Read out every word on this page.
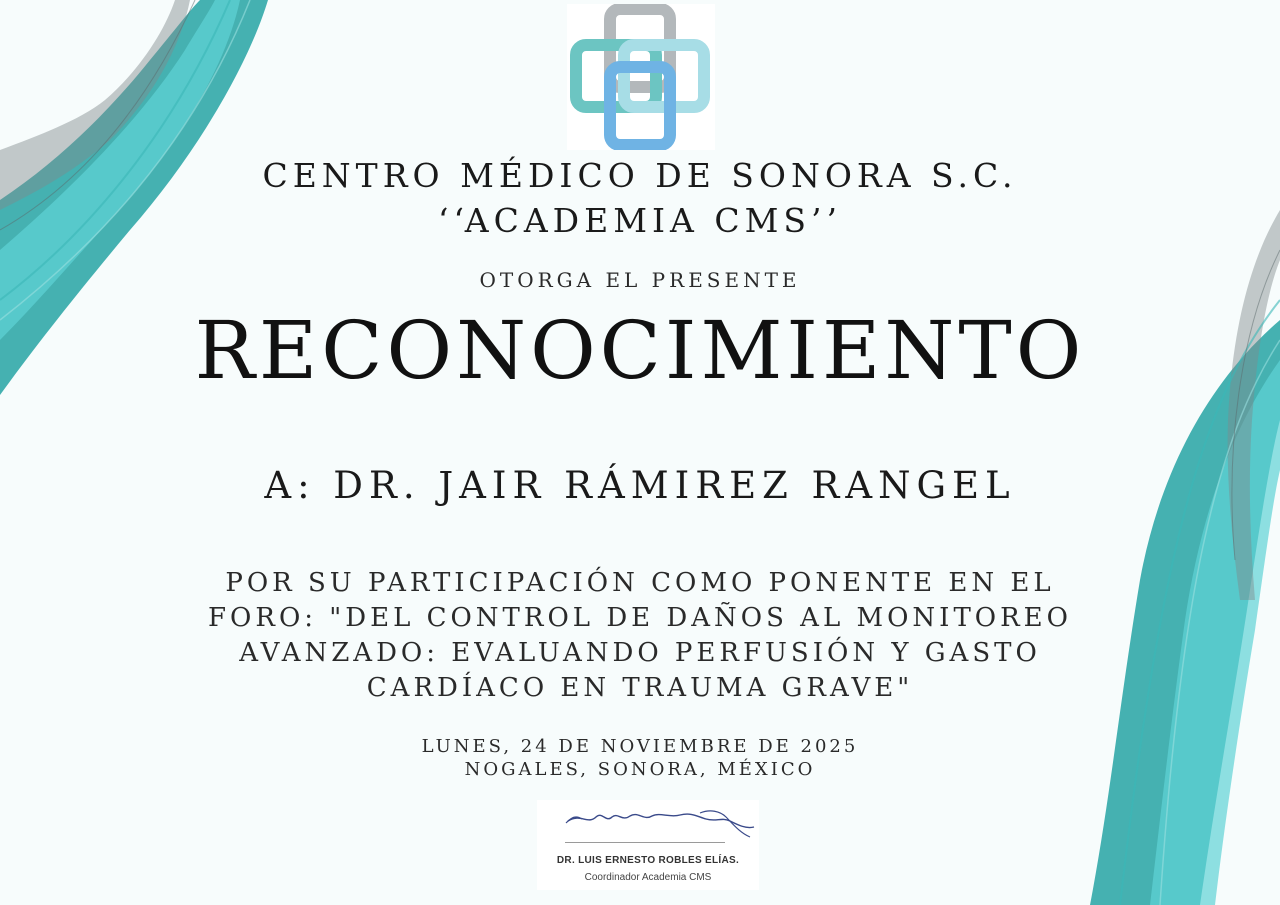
CENTRO MÉDICO DE SONORA S.C.
‘‘ACADEMIA CMS’’
OTORGA EL PRESENTE
RECONOCIMIENTO
A: DR. JAIR RÁMIREZ RANGEL
POR SU PARTICIPACIÓN COMO PONENTE EN EL
FORO: "DEL CONTROL DE DAÑOS AL MONITOREO
AVANZADO: EVALUANDO PERFUSIÓN Y GASTO
CARDÍACO EN TRAUMA GRAVE"
LUNES, 24 DE NOVIEMBRE DE 2025
NOGALES, SONORA, MÉXICO
DR. LUIS ERNESTO ROBLES ELÍAS.
Coordinador Academia CMS
